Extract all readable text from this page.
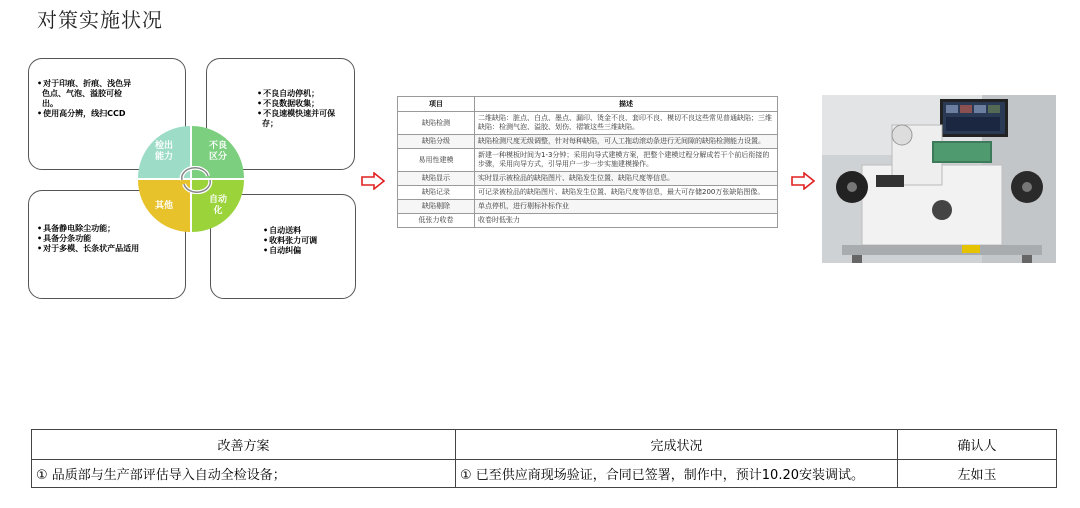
对策实施状况
• 对于印痕、折痕、浅色异色点、气泡、溢胶可检出。
• 使用高分辨，线扫CCD
• 不良自动停机；
• 不良数据收集；
• 不良速模快速并可保存；
• 具备静电除尘功能；
• 具备分条功能
• 对于多模、长条状产品适用
• 自动送料
• 收料张力可调
• 自动纠偏
检出
能力
不良
区分
其他
自动
化
项目	描述
缺陷检测	二维缺陷：脏点、白点、墨点、漏印、烫金不良、套印不良、模切不良这些常见普通缺陷；三维缺陷：检测气泡、溢胶、划伤、褶皱这些三维缺陷。
缺陷分级	缺陷检测尺度无级调整，针对每种缺陷，可人工拖动滚动条进行无间隙的缺陷检测能力设置。
易用性建模	新建一种模板时间为1-3分钟；采用向导式建模方案，把整个建模过程分解成若干个前后衔接的步骤，采用向导方式，引导用户一步一步实施建模操作。
缺陷显示	实时显示被检品的缺陷图片、缺陷发生位置、缺陷尺度等信息。
缺陷记录	可记录被检品的缺陷图片、缺陷发生位置、缺陷尺度等信息，最大可存储200万张缺陷图像。
缺陷剔除	单点停机，进行剔标补标作业
低张力收卷	收卷时低张力
改善方案	完成状况	确认人
① 品质部与生产部评估导入自动全检设备；	① 已至供应商现场验证，合同已签署，制作中，预计10.20安装调试。	左如玉
